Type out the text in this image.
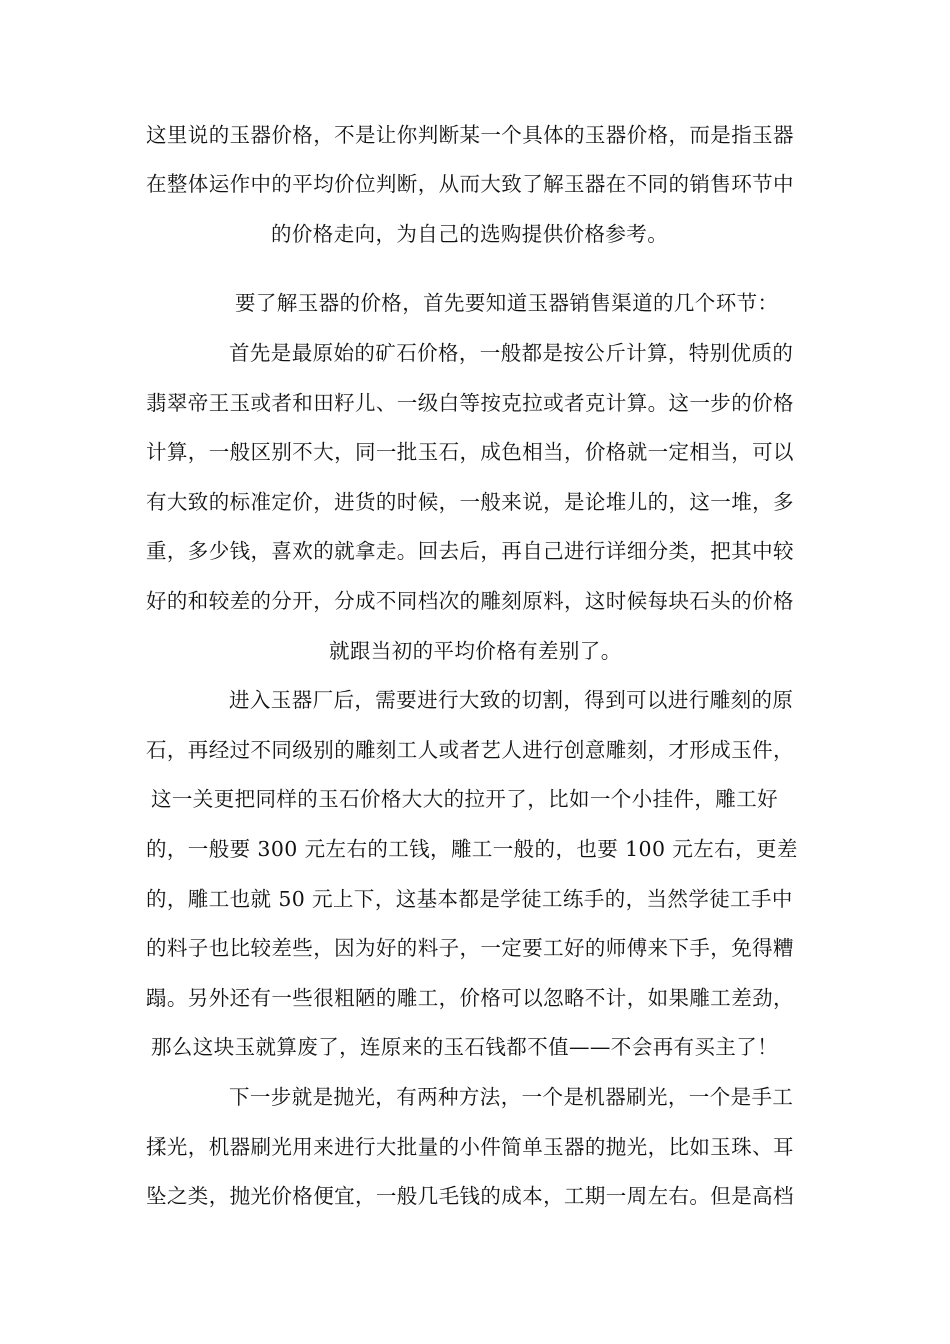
这里说的玉器价格，不是让你判断某一个具体的玉器价格，而是指玉器
在整体运作中的平均价位判断，从而大致了解玉器在不同的销售环节中
的价格走向，为自己的选购提供价格参考。
要了解玉器的价格，首先要知道玉器销售渠道的几个环节：
首先是最原始的矿石价格，一般都是按公斤计算，特别优质的
翡翠帝王玉或者和田籽儿、一级白等按克拉或者克计算。这一步的价格
计算，一般区别不大，同一批玉石，成色相当，价格就一定相当，可以
有大致的标准定价，进货的时候，一般来说，是论堆儿的，这一堆，多
重，多少钱，喜欢的就拿走。回去后，再自己进行详细分类，把其中较
好的和较差的分开，分成不同档次的雕刻原料，这时候每块石头的价格
就跟当初的平均价格有差别了。
进入玉器厂后，需要进行大致的切割，得到可以进行雕刻的原
石，再经过不同级别的雕刻工人或者艺人进行创意雕刻，才形成玉件，
这一关更把同样的玉石价格大大的拉开了，比如一个小挂件，雕工好
的，一般要 300 元左右的工钱，雕工一般的，也要 100 元左右，更差
的，雕工也就 50 元上下，这基本都是学徒工练手的，当然学徒工手中
的料子也比较差些，因为好的料子，一定要工好的师傅来下手，免得糟
蹋。另外还有一些很粗陋的雕工，价格可以忽略不计，如果雕工差劲，
那么这块玉就算废了，连原来的玉石钱都不值——不会再有买主了！
下一步就是抛光，有两种方法，一个是机器刷光，一个是手工
揉光，机器刷光用来进行大批量的小件简单玉器的抛光，比如玉珠、耳
坠之类，抛光价格便宜，一般几毛钱的成本，工期一周左右。但是高档
